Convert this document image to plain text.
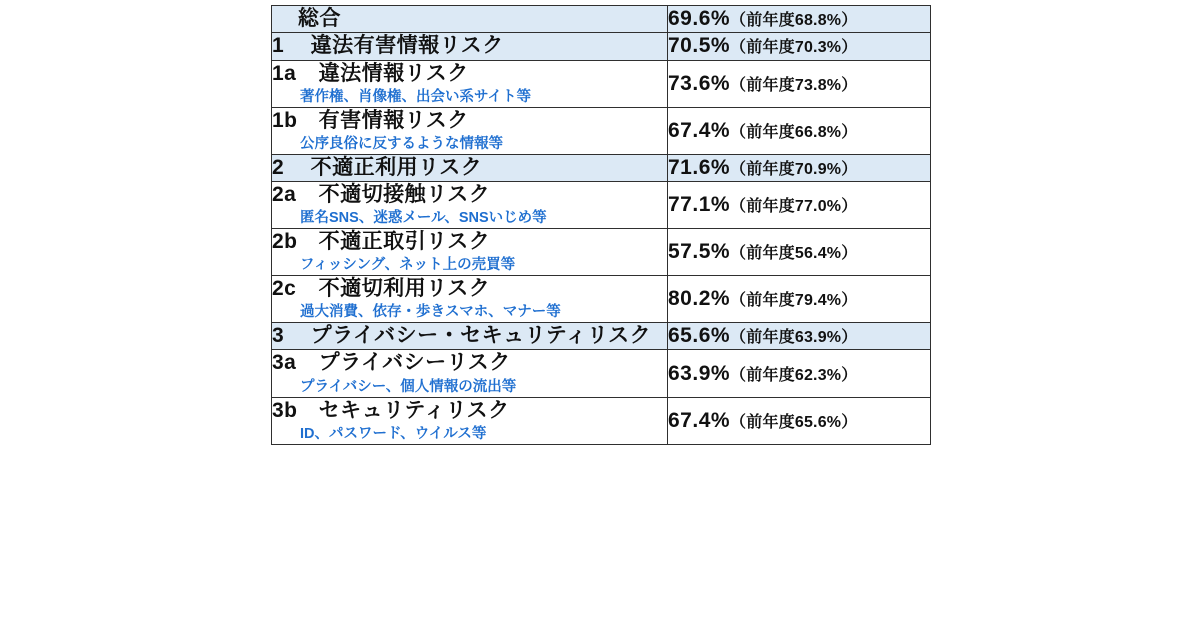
総合	69.6%（前年度68.8%）

1 違法有害情報リスク	70.5%（前年度70.3%）

1a 違法情報リスク
著作権、肖像権、出会い系サイト等	73.6%（前年度73.8%）

1b 有害情報リスク
公序良俗に反するような情報等	67.4%（前年度66.8%）

2 不適正利用リスク	71.6%（前年度70.9%）

2a 不適切接触リスク
匿名SNS、迷惑メール、SNSいじめ等	77.1%（前年度77.0%）

2b 不適正取引リスク
フィッシング、ネット上の売買等	57.5%（前年度56.4%）

2c 不適切利用リスク
過大消費、依存・歩きスマホ、マナー等	80.2%（前年度79.4%）

3 プライバシー・セキュリティリスク	65.6%（前年度63.9%）

3a プライバシーリスク
プライバシー、個人情報の流出等	63.9%（前年度62.3%）

3b セキュリティリスク
ID、パスワード、ウイルス等	67.4%（前年度65.6%）
